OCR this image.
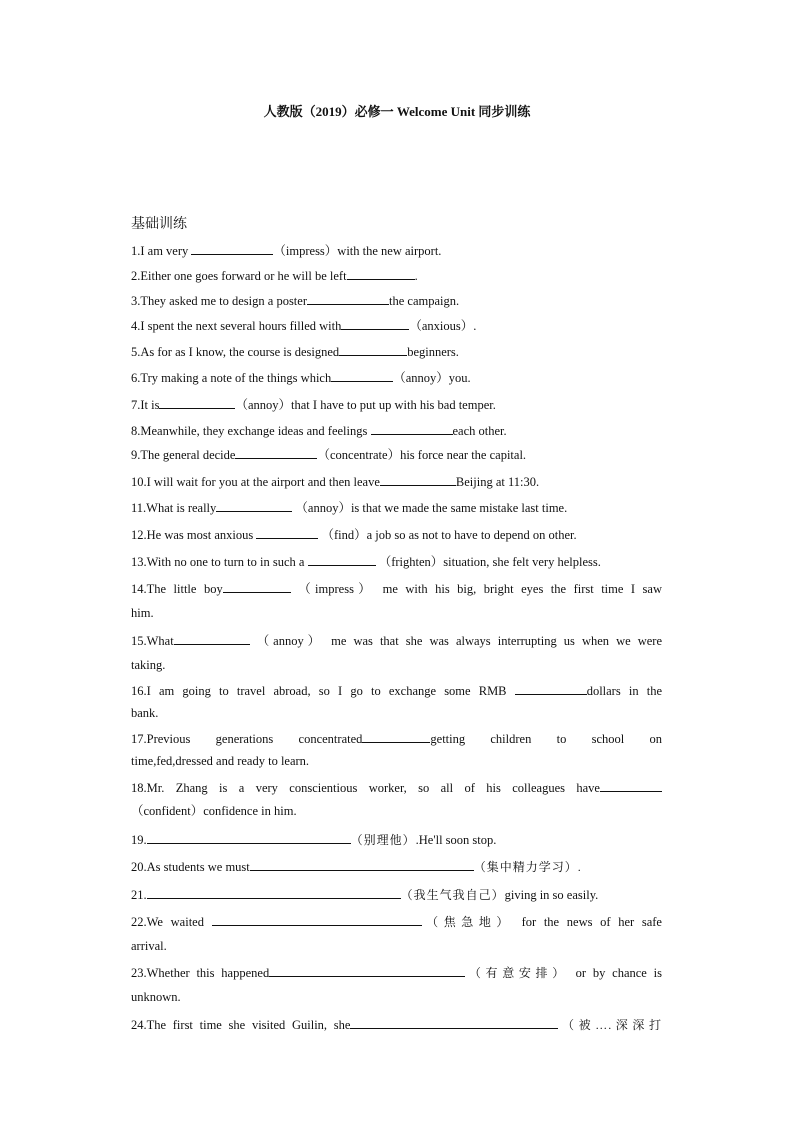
人教版（2019）必修一 Welcome Unit 同步训练
基础训练
1.I am very	（impress）with the new airport.
2.Either one goes forward or he will be left	.
3.They asked me to design a poster	the campaign.
4.I spent the next several hours filled with	（anxious）.
5.As for as I know, the course is designed	beginners.
6.Try making a note of the things which	（annoy）you.
7.It is	（annoy）that I have to put up with his bad temper.
8.Meanwhile, they exchange ideas and feelings	each other.
9.The general decide	（concentrate）his force near the capital.
10.I will wait for you at the airport and then leave	Beijing at 11:30.
11.What is really	（annoy）is that we made the same mistake last time.
12.He was most anxious	（find）a job so as not to have to depend on other.
13.With no one to turn to in such a	（frighten）situation, she felt very helpless.
14.The little boy	（impress） me with his big, bright eyes the first time I saw
him.
15.What	（annoy） me was that she was always interrupting us when we were
taking.
16.I am going to travel abroad, so I go to exchange some RMB	dollars in the
bank.
17.Previous generations concentrated	getting children to school on
time,fed,dressed and ready to learn.
18.Mr. Zhang is a very conscientious worker, so all of his colleagues have
（confident）confidence in him.
19.	（别理他）.He'll soon stop.
20.As students we must	（集中精力学习）.
21.	（我生气我自己）giving in so easily.
22.We waited	（焦急地） for the news of her safe
arrival.
23.Whether this happened	（有意安排） or by chance is
unknown.
24.The first time she visited Guilin, she	（被….深深打
